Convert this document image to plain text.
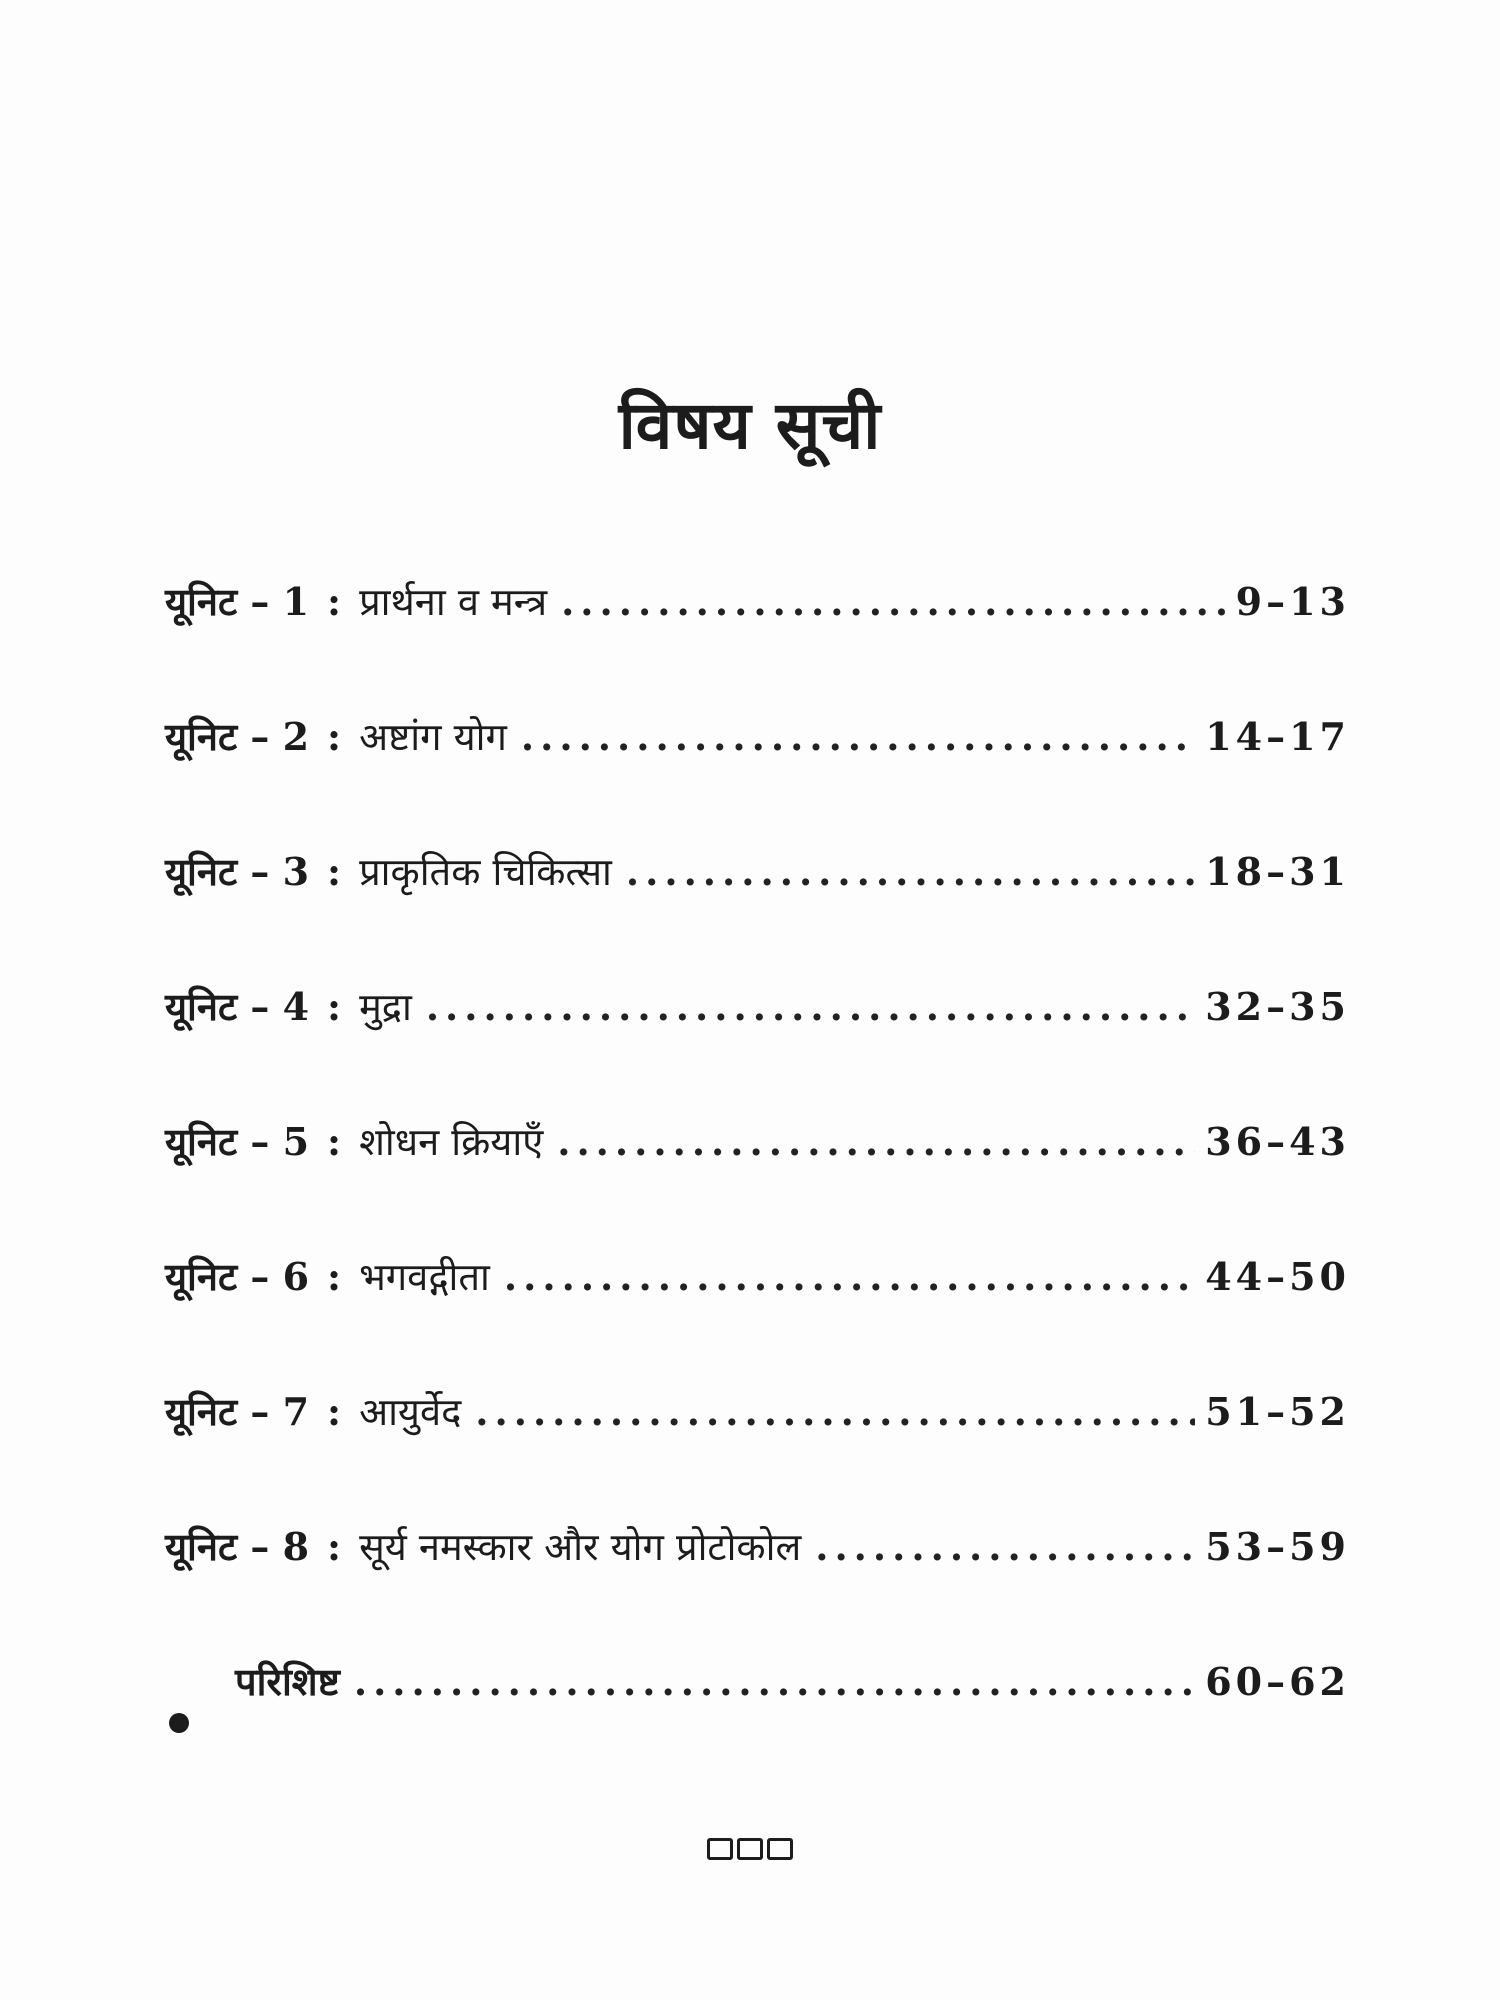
विषय सूची
यूनिट – 1 : प्रार्थना व मन्त्र .....	9–13
यूनिट – 2 : अष्टांग योग .....	14–17
यूनिट – 3 : प्राकृतिक चिकित्सा .....	18–31
यूनिट – 4 : मुद्रा .....	32–35
यूनिट – 5 : शोधन क्रियाएँ .....	36–43
यूनिट – 6 : भगवद्गीता .....	44–50
यूनिट – 7 : आयुर्वेद .....	51–52
यूनिट – 8 : सूर्य नमस्कार और योग प्रोटोकोल .....	53–59
परिशिष्ट .....	60–62
